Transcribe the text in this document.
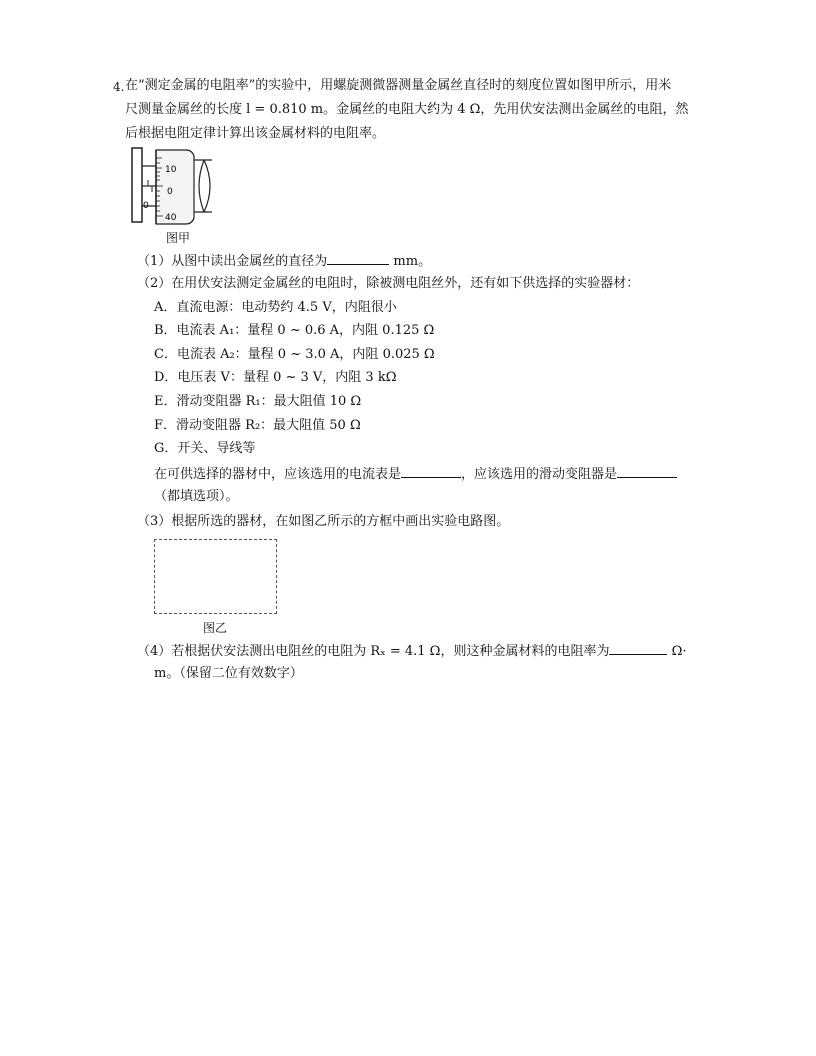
4. 在“测定金属的电阻率”的实验中，用螺旋测微器测量金属丝直径时的刻度位置如图甲所示，用米
尺测量金属丝的长度 l = 0.810 m。金属丝的电阻大约为 4 Ω，先用伏安法测出金属丝的电阻，然
后根据电阻定律计算出该金属材料的电阻率。
10
0
40
0
图甲
（1）从图中读出金属丝的直径为	mm。
（2）在用伏安法测定金属丝的电阻时，除被测电阻丝外，还有如下供选择的实验器材：
A．直流电源：电动势约 4.5 V，内阻很小
B．电流表 A₁：量程 0 ~ 0.6 A，内阻 0.125 Ω
C．电流表 A₂：量程 0 ~ 3.0 A，内阻 0.025 Ω
D．电压表 V：量程 0 ~ 3 V，内阻 3 kΩ
E．滑动变阻器 R₁：最大阻值 10 Ω
F．滑动变阻器 R₂：最大阻值 50 Ω
G．开关、导线等
在可供选择的器材中，应该选用的电流表是	，应该选用的滑动变阻器是
（都填选项）。
（3）根据所选的器材，在如图乙所示的方框中画出实验电路图。
图乙
（4）若根据伏安法测出电阻丝的电阻为 Rₓ = 4.1 Ω，则这种金属材料的电阻率为	Ω·
m。（保留二位有效数字）
